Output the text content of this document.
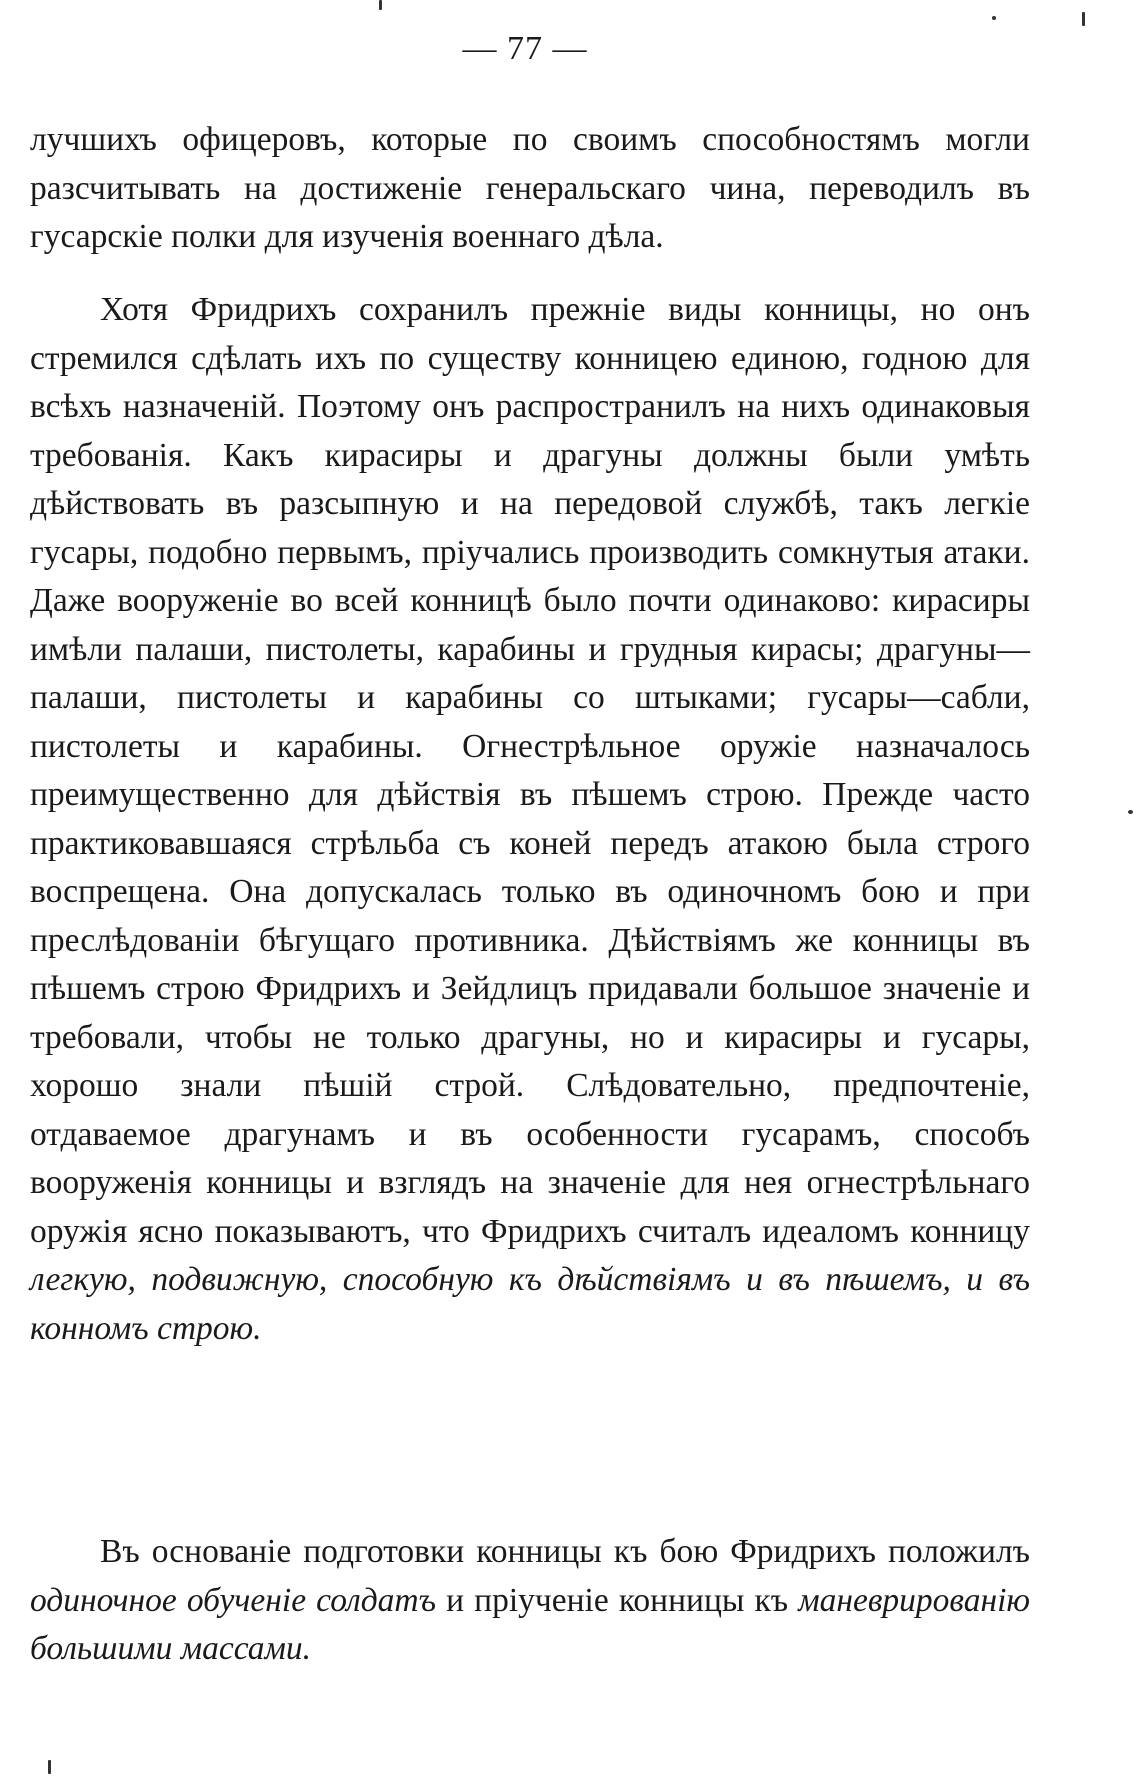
— 77 —
лучшихъ офицеровъ, которые по своимъ способностямъ могли разсчитывать на достиженіе генеральскаго чина, переводилъ въ гусарскіе полки для изученія военнаго дѣла.
Хотя Фридрихъ сохранилъ прежніе виды конницы, но онъ стремился сдѣлать ихъ по существу конницею единою, годною для всѣхъ назначеній. Поэтому онъ распространилъ на нихъ одинаковыя требованія. Какъ кирасиры и драгуны должны были умѣть дѣйствовать въ разсыпную и на передовой службѣ, такъ легкіе гусары, подобно первымъ, пріучались производить сомкнутыя атаки. Даже вооруженіе во всей конницѣ было почти одинаково: кирасиры имѣли палаши, пистолеты, карабины и грудныя кирасы; драгуны—палаши, пистолеты и карабины со штыками; гусары—сабли, пистолеты и карабины. Огнестрѣльное оружіе назначалось преимущественно для дѣйствія въ пѣшемъ строю. Прежде часто практиковавшаяся стрѣльба съ коней передъ атакою была строго воспрещена. Она допускалась только въ одиночномъ бою и при преслѣдованіи бѣгущаго противника. Дѣйствіямъ же конницы въ пѣшемъ строю Фридрихъ и Зейдлицъ придавали большое значеніе и требовали, чтобы не только драгуны, но и кирасиры и гусары, хорошо знали пѣшій строй. Слѣдовательно, предпочтеніе, отдаваемое драгунамъ и въ особенности гусарамъ, способъ вооруженія конницы и взглядъ на значеніе для нея огнестрѣльнаго оружія ясно показываютъ, что Фридрихъ считалъ идеаломъ конницу легкую, подвижную, способную къ дѣйствіямъ и въ пѣшемъ, и въ конномъ строю.
Въ основаніе подготовки конницы къ бою Фридрихъ положилъ одиночное обученіе солдатъ и пріученіе конницы къ маневрированію большими массами.
